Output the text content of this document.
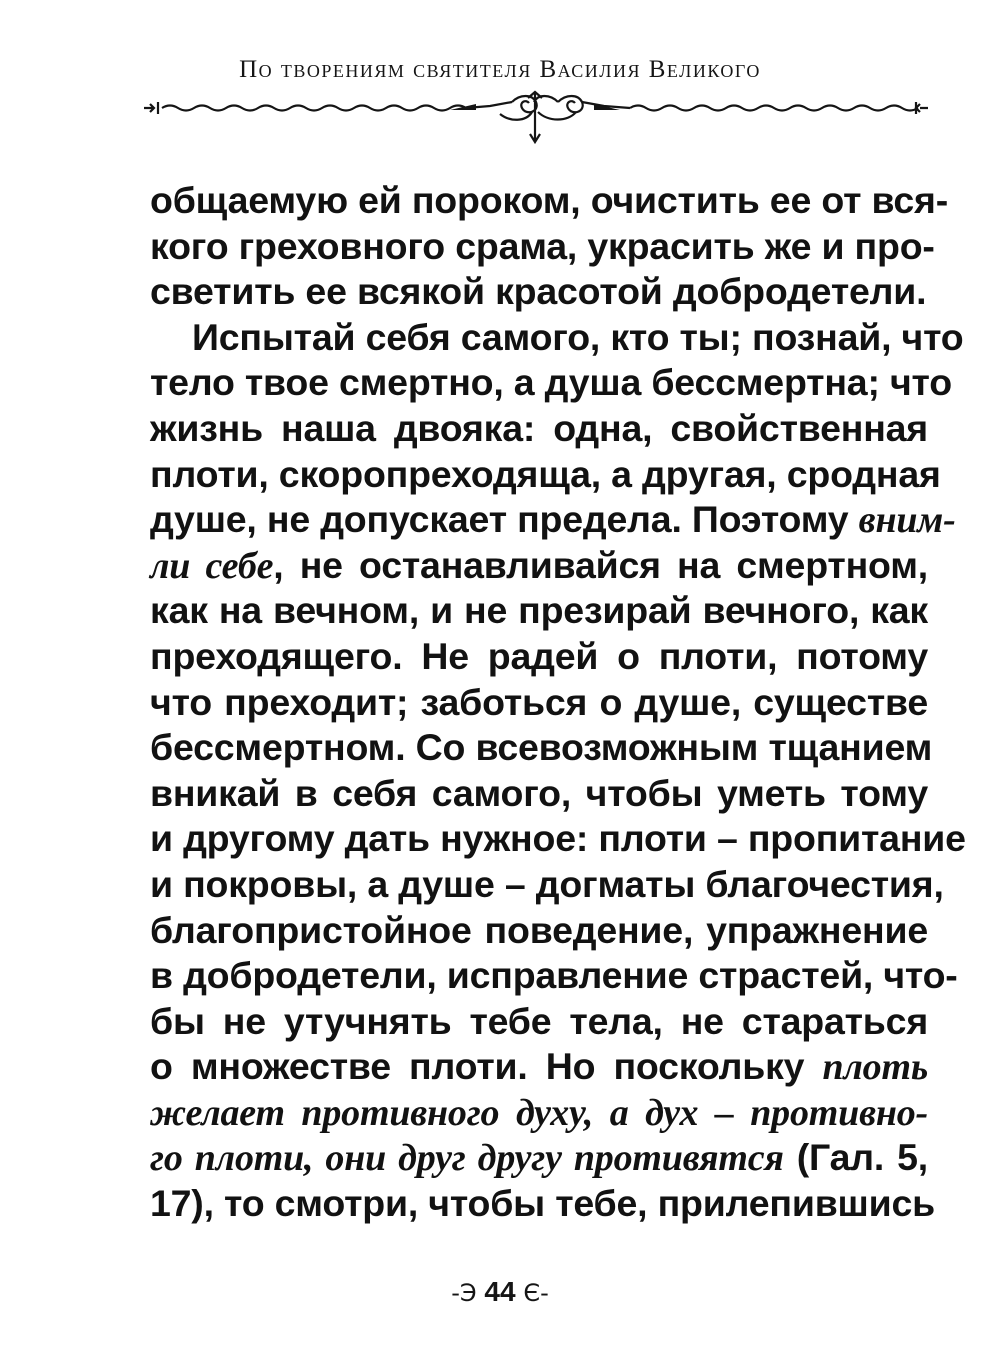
По творениям святителя Василия Великого

общаемую ей пороком, очистить ее от вся-
кого греховного срама, украсить же и про-
светить ее всякой красотой добродетели.

Испытай себя самого, кто ты; познай, что
тело твое смертно, а душа бессмертна; что
жизнь наша двояка: одна, свойственная
плоти, скоропреходяща, а другая, сродная
душе, не допускает предела. Поэтому вним-
ли себе, не останавливайся на смертном,
как на вечном, и не презирай вечного, как
преходящего. Не радей о плоти, потому
что преходит; заботься о душе, существе
бессмертном. Со всевозможным тщанием
вникай в себя самого, чтобы уметь тому
и другому дать нужное: плоти – пропитание
и покровы, а душе – догматы благочестия,
благопристойное поведение, упражнение
в добродетели, исправление страстей, что-
бы не утучнять тебе тела, не стараться
о множестве плоти. Но поскольку плоть
желает противного духу, а дух – противно-
го плоти, они друг другу противятся (Гал. 5,
17), то смотри, чтобы тебе, прилепившись

-Э 44 Є-
